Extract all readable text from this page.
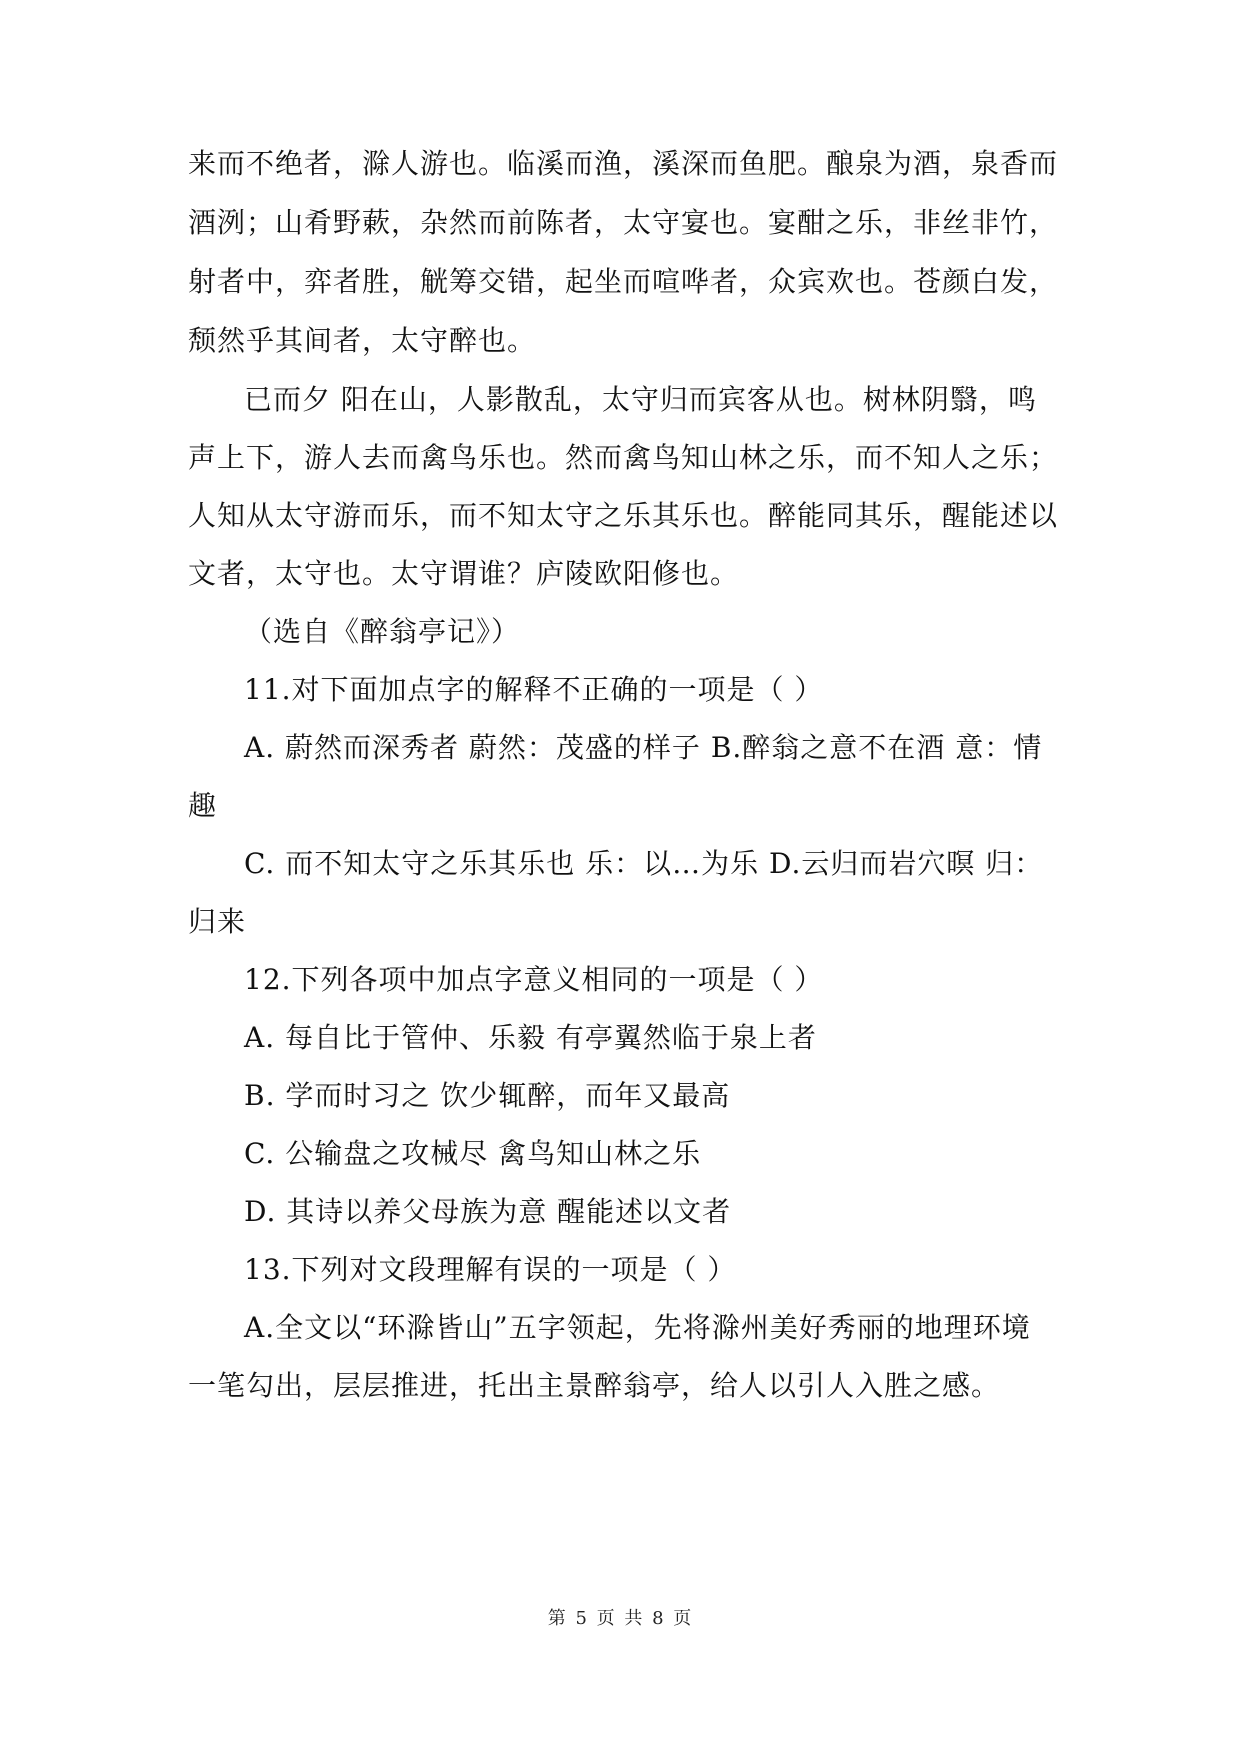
来而不绝者，滁人游也。临溪而渔，溪深而鱼肥。酿泉为酒，泉香而
酒洌；山肴野蔌，杂然而前陈者，太守宴也。宴酣之乐，非丝非竹，
射者中，弈者胜，觥筹交错，起坐而喧哗者，众宾欢也。苍颜白发，
颓然乎其间者，太守醉也。
已而夕 阳在山，人影散乱，太守归而宾客从也。树林阴翳，鸣
声上下，游人去而禽鸟乐也。然而禽鸟知山林之乐，而不知人之乐；
人知从太守游而乐，而不知太守之乐其乐也。醉能同其乐，醒能述以
文者，太守也。太守谓谁？庐陵欧阳修也。
（选自《醉翁亭记》）
11.对下面加点字的解释不正确的一项是（ ）
A. 蔚然而深秀者 蔚然：茂盛的样子 B.醉翁之意不在酒 意：情
趣
C. 而不知太守之乐其乐也 乐：以…为乐 D.云归而岩穴暝 归：
归来
12.下列各项中加点字意义相同的一项是（ ）
A. 每自比于管仲、乐毅 有亭翼然临于泉上者
B. 学而时习之 饮少辄醉，而年又最高
C. 公输盘之攻械尽 禽鸟知山林之乐
D. 其诗以养父母族为意 醒能述以文者
13.下列对文段理解有误的一项是（ ）
A.全文以“环滁皆山”五字领起，先将滁州美好秀丽的地理环境
一笔勾出，层层推进，托出主景醉翁亭，给人以引人入胜之感。
第 5 页 共 8 页
